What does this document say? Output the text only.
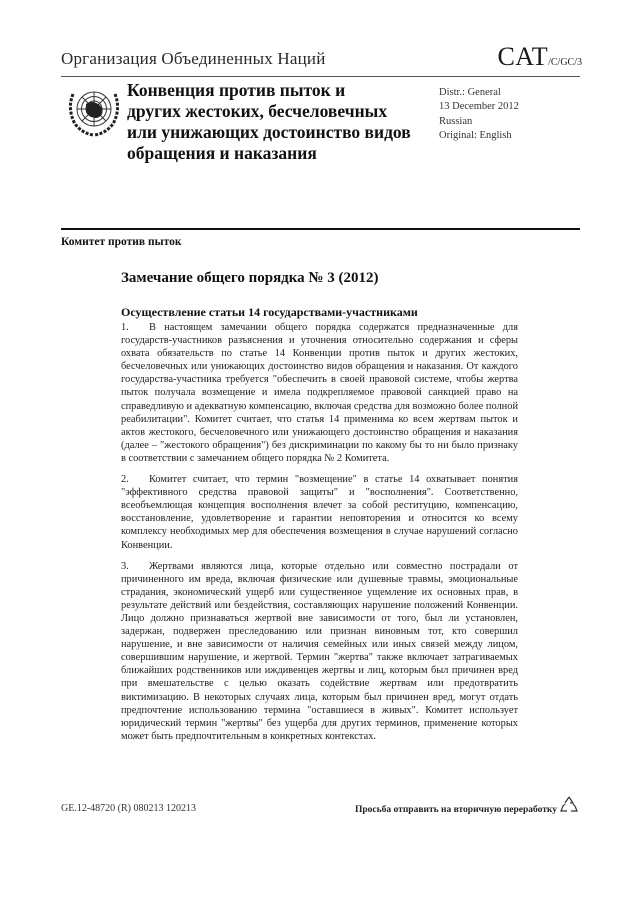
Организация Объединенных Наций	CAT/C/GC/3
Конвенция против пыток и
других жестоких, бесчеловечных
или унижающих достоинство видов
обращения и наказания
Distr.: General
13 December 2012
Russian
Original: English
Комитет против пыток
Замечание общего порядка № 3 (2012)
Осуществление статьи 14 государствами-участниками

1. В настоящем замечании общего порядка содержатся предназначенные для государств-участников разъяснения и уточнения относительно содержания и сферы охвата обязательств по статье 14 Конвенции против пыток и других жестоких, бесчеловечных или унижающих достоинство видов обращения и наказания. От каждого государства-участника требуется "обеспечить в своей правовой системе, чтобы жертва пыток получала возмещение и имела подкрепляемое правовой санкцией право на справедливую и адекватную компенсацию, включая средства для возможно более полной реабилитации". Комитет считает, что статья 14 применима ко всем жертвам пыток и актов жестокого, бесчеловечного или унижающего достоинство обращения и наказания (далее – "жестокого обращения") без дискриминации по какому бы то ни было признаку в соответствии с замечанием общего порядка № 2 Комитета.

2. Комитет считает, что термин "возмещение" в статье 14 охватывает понятия "эффективного средства правовой защиты" и "восполнения". Соответственно, всеобъемлющая концепция восполнения влечет за собой реституцию, компенсацию, восстановление, удовлетворение и гарантии неповторения и относится ко всему комплексу необходимых мер для обеспечения возмещения в случае нарушений согласно Конвенции.

3. Жертвами являются лица, которые отдельно или совместно пострадали от причиненного им вреда, включая физические или душевные травмы, эмоциональные страдания, экономический ущерб или существенное ущемление их основных прав, в результате действий или бездействия, составляющих нарушение положений Конвенции. Лицо должно признаваться жертвой вне зависимости от того, был ли установлен, задержан, подвержен преследованию или признан виновным тот, кто совершил нарушение, и вне зависимости от наличия семейных или иных связей между лицом, совершившим нарушение, и жертвой. Термин "жертва" также включает затрагиваемых ближайших родственников или иждивенцев жертвы и лиц, которым был причинен вред при вмешательстве с целью оказать содействие жертвам или предотвратить виктимизацию. В некоторых случаях лица, которым был причинен вред, могут отдать предпочтение использованию термина "оставшиеся в живых". Комитет использует юридический термин "жертвы" без ущерба для других терминов, применение которых может быть предпочтительным в конкретных контекстах.

GE.12-48720 (R) 080213 120213	Просьба отправить на вторичную переработку
